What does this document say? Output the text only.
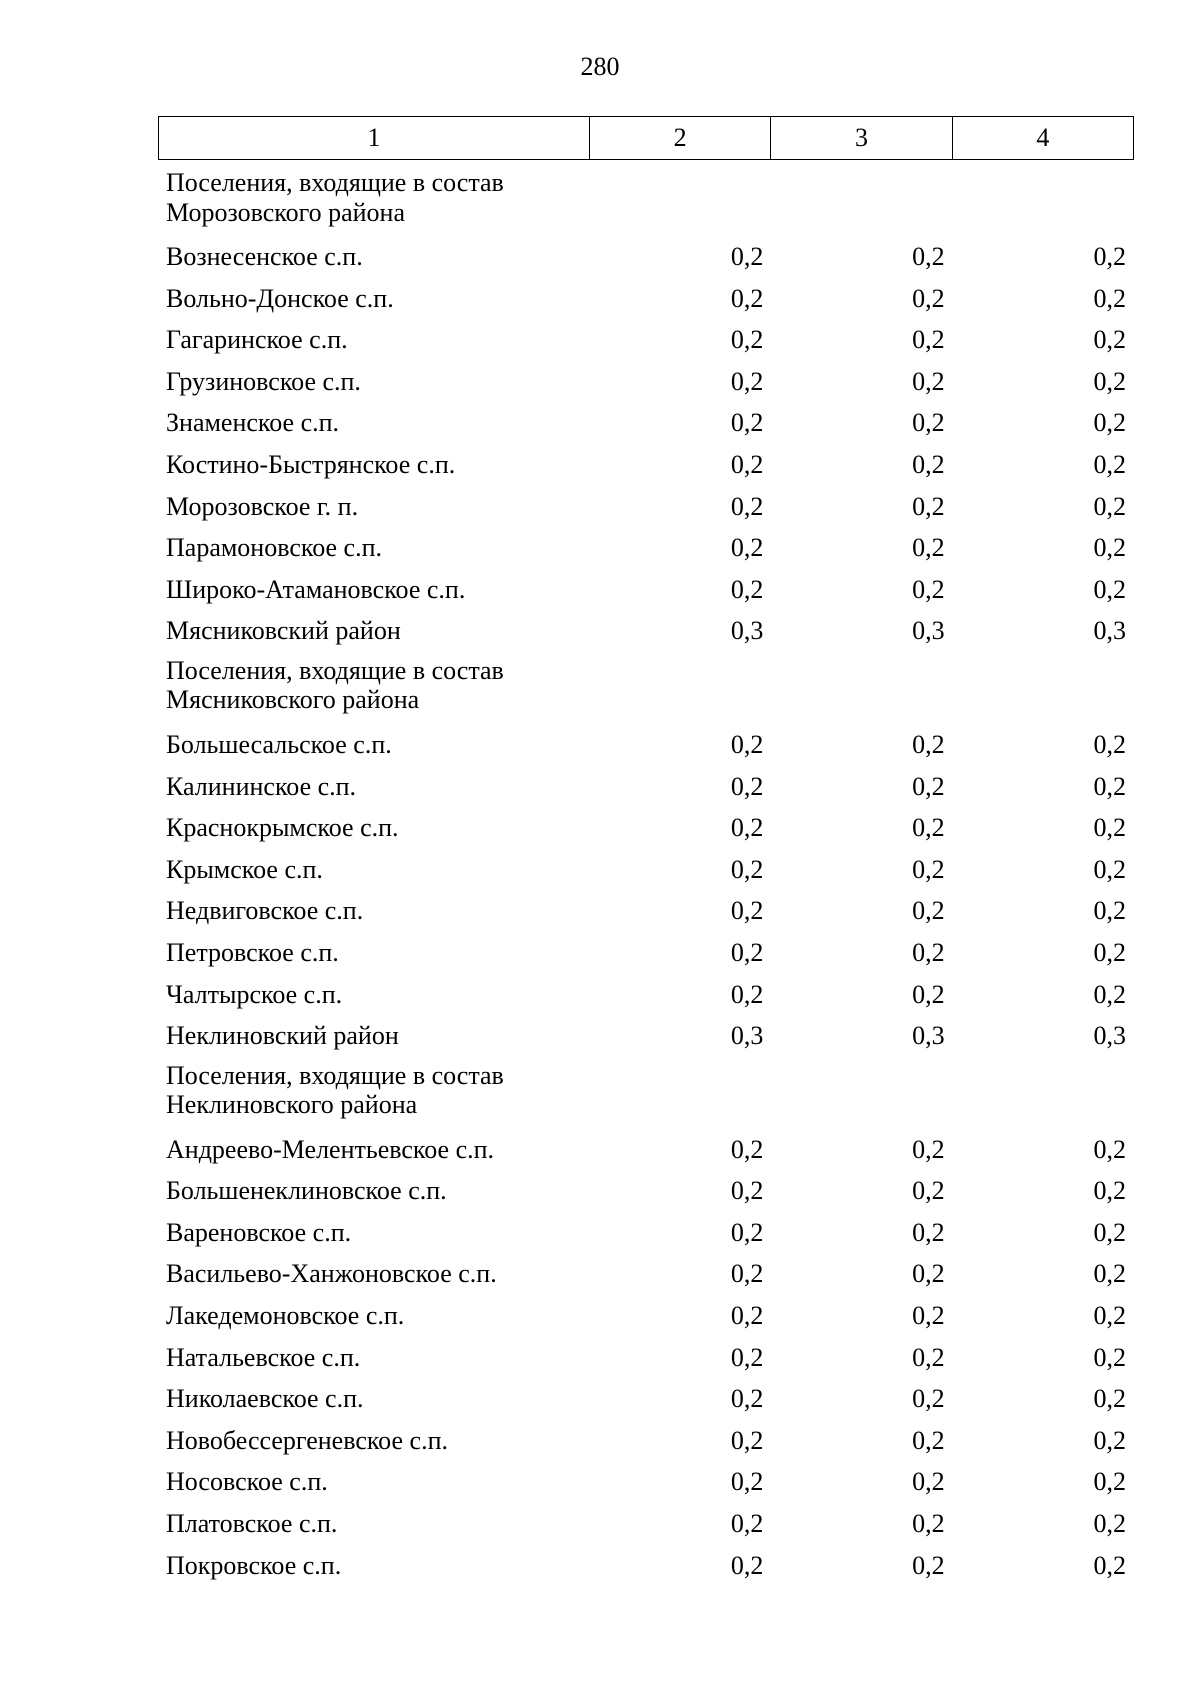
280
1	2	3	4
Поселения, входящие в состав Морозовского района
Вознесенское с.п.	0,2	0,2	0,2
Вольно-Донское с.п.	0,2	0,2	0,2
Гагаринское с.п.	0,2	0,2	0,2
Грузиновское с.п.	0,2	0,2	0,2
Знаменское с.п.	0,2	0,2	0,2
Костино-Быстрянское с.п.	0,2	0,2	0,2
Морозовское г. п.	0,2	0,2	0,2
Парамоновское с.п.	0,2	0,2	0,2
Широко-Атамановское с.п.	0,2	0,2	0,2
Мясниковский район	0,3	0,3	0,3
Поселения, входящие в состав Мясниковского района
Большесальское с.п.	0,2	0,2	0,2
Калининское с.п.	0,2	0,2	0,2
Краснокрымское с.п.	0,2	0,2	0,2
Крымское с.п.	0,2	0,2	0,2
Недвиговское с.п.	0,2	0,2	0,2
Петровское с.п.	0,2	0,2	0,2
Чалтырское с.п.	0,2	0,2	0,2
Неклиновский район	0,3	0,3	0,3
Поселения, входящие в состав Неклиновского района
Андреево-Мелентьевское с.п.	0,2	0,2	0,2
Большенеклиновское с.п.	0,2	0,2	0,2
Вареновское с.п.	0,2	0,2	0,2
Васильево-Ханжоновское с.п.	0,2	0,2	0,2
Лакедемоновское с.п.	0,2	0,2	0,2
Натальевское с.п.	0,2	0,2	0,2
Николаевское с.п.	0,2	0,2	0,2
Новобессергеневское с.п.	0,2	0,2	0,2
Носовское с.п.	0,2	0,2	0,2
Платовское с.п.	0,2	0,2	0,2
Покровское с.п.	0,2	0,2	0,2
